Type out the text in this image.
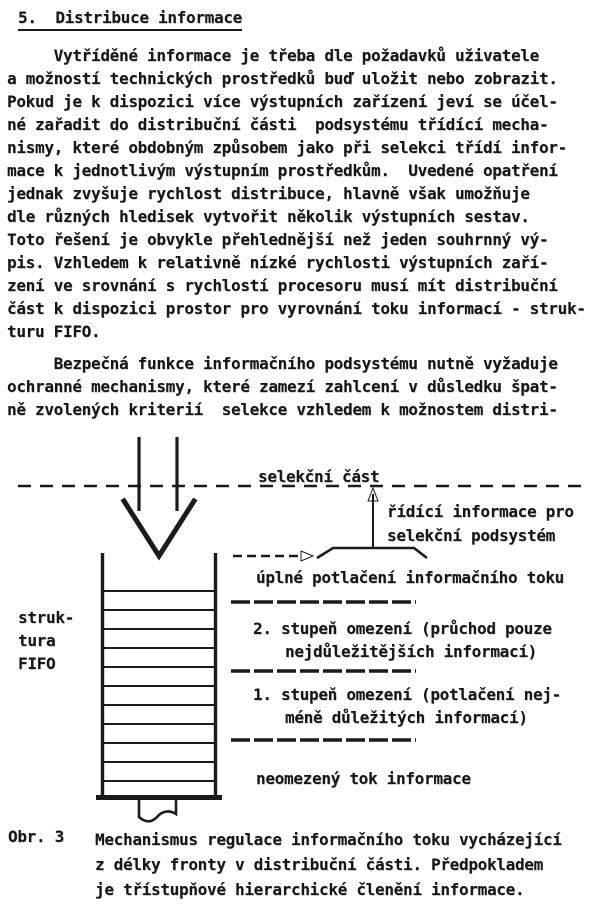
5.  Distribuce informace
Vytříděné informace je třeba dle požadavků uživatele
a možností technických prostředků buď uložit nebo zobrazit.
Pokud je k dispozici více výstupních zařízení jeví se účel-
né zařadit do distribuční části  podsystému třídící mecha-
nismy, které obdobným způsobem jako při selekci třídí infor-
mace k jednotlivým výstupním prostředkům.  Uvedené opatření
jednak zvyšuje rychlost distribuce, hlavně však umožňuje
dle různých hledisek vytvořit několik výstupních sestav.
Toto řešení je obvykle přehlednější než jeden souhrnný vý-
pis. Vzhledem k relativně nízké rychlosti výstupních zaří-
zení ve srovnání s rychlostí procesoru musí mít distribuční
část k dispozici prostor pro vyrovnání toku informací - struk-
turu FIFO.
Bezpečná funkce informačního podsystému nutně vyžaduje
ochranné mechanismy, které zamezí zahlcení v důsledku špat-
ně zvolených kriterií  selekce vzhledem k možnostem distri-
selekční část
řídící informace pro
selekční podsystém
struk-
tura
FIFO
úplné potlačení informačního toku
2. stupeň omezení (průchod pouze
nejdůležitějších informací)
1. stupeň omezení (potlačení nej-
méně důležitých informací)
neomezený tok informace
Obr. 3 Mechanismus regulace informačního toku vycházející
z délky fronty v distribuční části. Předpokladem
je třístupňové hierarchické členění informace.
